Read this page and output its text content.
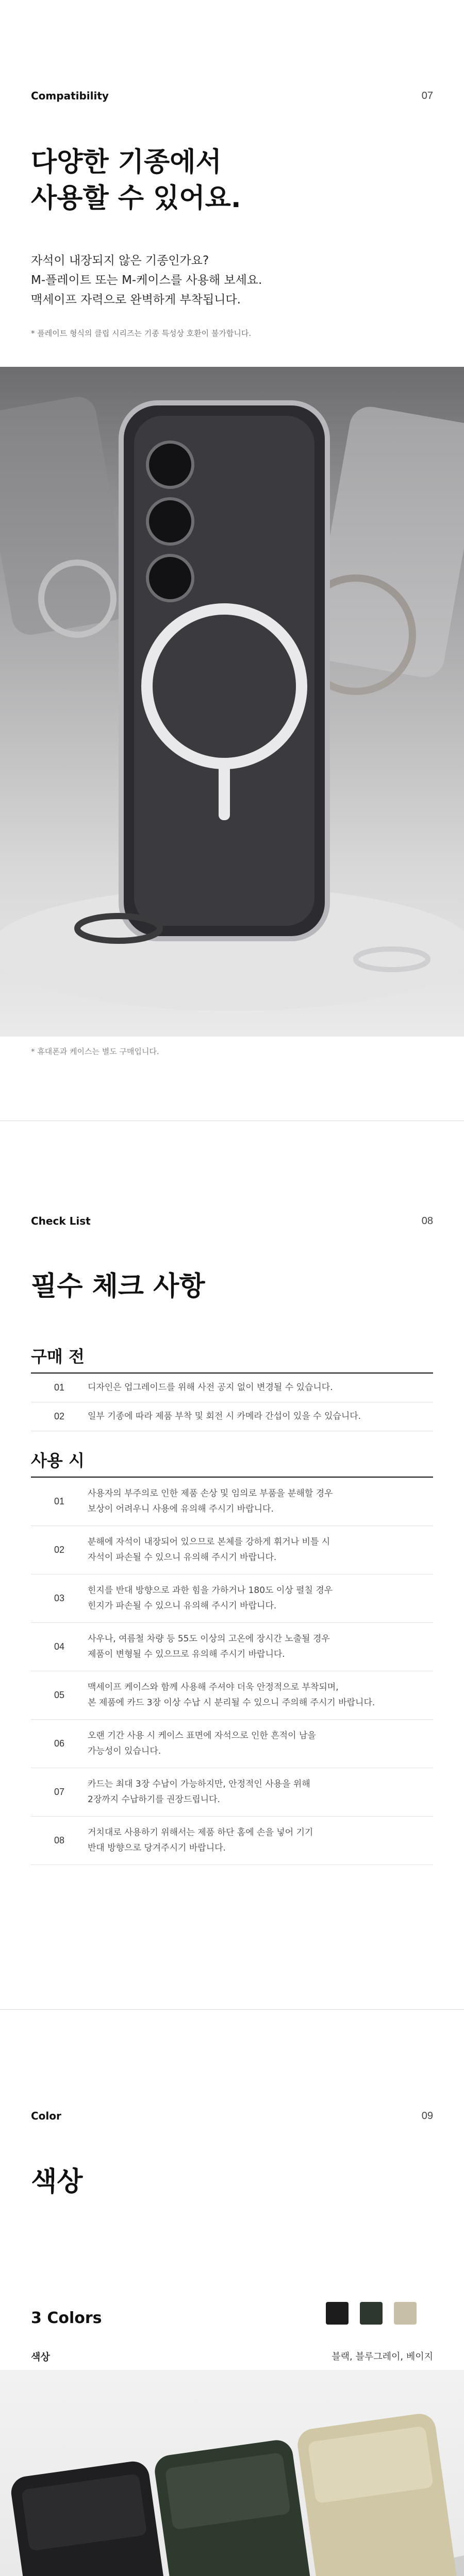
Compatibility	07
다양한 기종에서
사용할 수 있어요.
자석이 내장되지 않은 기종인가요?
M-플레이트 또는 M-케이스를 사용해 보세요.
맥세이프 자력으로 완벽하게 부착됩니다.
* 플레이트 형식의 클립 시리즈는 기종 특성상 호환이 불가합니다.
* 휴대폰과 케이스는 별도 구매입니다.
Check List	08
필수 체크 사항
구매 전
01	디자인은 업그레이드를 위해 사전 공지 없이 변경될 수 있습니다.
02	일부 기종에 따라 제품 부착 및 회전 시 카메라 간섭이 있을 수 있습니다.
사용 시
01
사용자의 부주의로 인한 제품 손상 및 임의로 부품을 분해할 경우
보상이 어려우니 사용에 유의해 주시기 바랍니다.
02
분해에 자석이 내장되어 있으므로 본체를 강하게 휘거나 비틀 시
자석이 파손될 수 있으니 유의해 주시기 바랍니다.
03
힌지를 반대 방향으로 과한 힘을 가하거나 180도 이상 펼칠 경우
힌지가 파손될 수 있으니 유의해 주시기 바랍니다.
04
사우나, 여름철 차량 등 55도 이상의 고온에 장시간 노출될 경우
제품이 변형될 수 있으므로 유의해 주시기 바랍니다.
05
맥세이프 케이스와 함께 사용해 주셔야 더욱 안정적으로 부착되며,
본 제품에 카드 3장 이상 수납 시 분리될 수 있으니 주의해 주시기 바랍니다.
06
오랜 기간 사용 시 케이스 표면에 자석으로 인한 흔적이 남을
가능성이 있습니다.
07
카드는 최대 3장 수납이 가능하지만, 안정적인 사용을 위해
2장까지 수납하기를 권장드립니다.
08
거치대로 사용하기 위해서는 제품 하단 홈에 손을 넣어 기기
반대 방향으로 당겨주시기 바랍니다.
Color	09
색상
3 Colors
색상	블랙, 블루그레이, 베이지
